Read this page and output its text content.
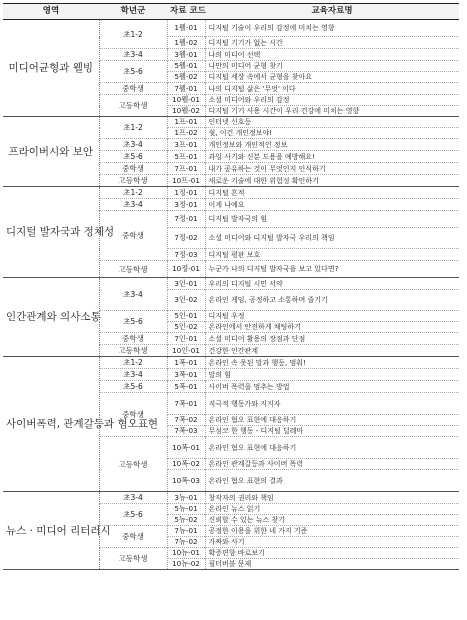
영역	학년군	자료 코드	교육자료명
미디어균형과 웰빙	초1-2	1웰-01	디지털 기술이 우리의 감정에 미치는 영향
		1웰-02	디지털 기기가 없는 시간
	초3-4	3웰-01	나의 미디어 선택
	초5-6	5웰-01	나만의 미디어 균형 찾기
		5웰-02	디지털 세상 속에서 균형을 찾아요
	중학생	7웰-01	나의 디지털 삶은 '무엇' 이다
	고등학생	10웰-01	소셜 미디어와 우리의 감정
		10웰-02	디지털 기기 사용 시간이 우리 건강에 미치는 영향
프라이버시와 보안	초1-2	1프-01	인터넷 신호등
		1프-02	쉿, 이건 개인정보야!
	초3-4	3프-01	개인정보와 개인적인 정보
	초5-6	5프-01	과잉 사기와 신분 도용을 예방해요!
	중학생	7프-01	내가 공유하는 것이 무엇인지 인식하기
	고등학생	10프-01	새로운 기술에 대한 위험성 확인하기
디지털 발자국과 정체성	초1-2	1정-01	디지털 흔적
	초3-4	3정-01	이게 나예요
	중학생	7정-01	디지털 발자국의 힘
		7정-02	소셜 미디어와 디지털 발자국 우리의 책임
		7정-03	디지털 평판 보호
	고등학생	10정-01	누군가 나의 디지털 발자국을 보고 있다면?
인간관계와 의사소통	초3-4	3인-01	우리의 디지털 시민 서약
		3인-02	온라인 게임, 공정하고 소통하며 즐기기
	초5-6	5인-01	디지털 우정
		5인-02	온라인에서 안전하게 채팅하기
	중학생	7인-01	소셜 미디어 활용의 장점과 단점
	고등학생	10인-01	건강한 인간관계
사이버폭력, 관계갈등과 혐오표현	초1-2	1폭-01	온라인 속 못된 말과 행동, 멈춰!
	초3-4	3폭-01	말의 힘
	초5-6	5폭-01	사이버 폭력을 멈추는 방법
	중학생	7폭-01	직극적 행동가와 지지자
		7폭-02	온라인 혐오 표현에 대응하기
		7폭-03	무심코 한 행동 - 디지털 딜레마
	고등학생	10폭-01	온라인 혐오 표현에 대응하기
		10폭-02	온라인 관계갈등과 사이버 폭력
		10폭-03	온라인 혐오 표현의 결과
뉴스 · 미디어 리터러시	초3-4	3뉴-01	창작자의 권리와 책임
	초5-6	5뉴-01	온라인 뉴스 읽기
		5뉴-02	신뢰할 수 있는 뉴스 찾기
	중학생	7뉴-01	공정한 이용을 위한 네 가지 기준
		7뉴-02	가짜와 사기
	고등학생	10뉴-01	확증편향 바로보기
		10뉴-02	필터버블 문제
